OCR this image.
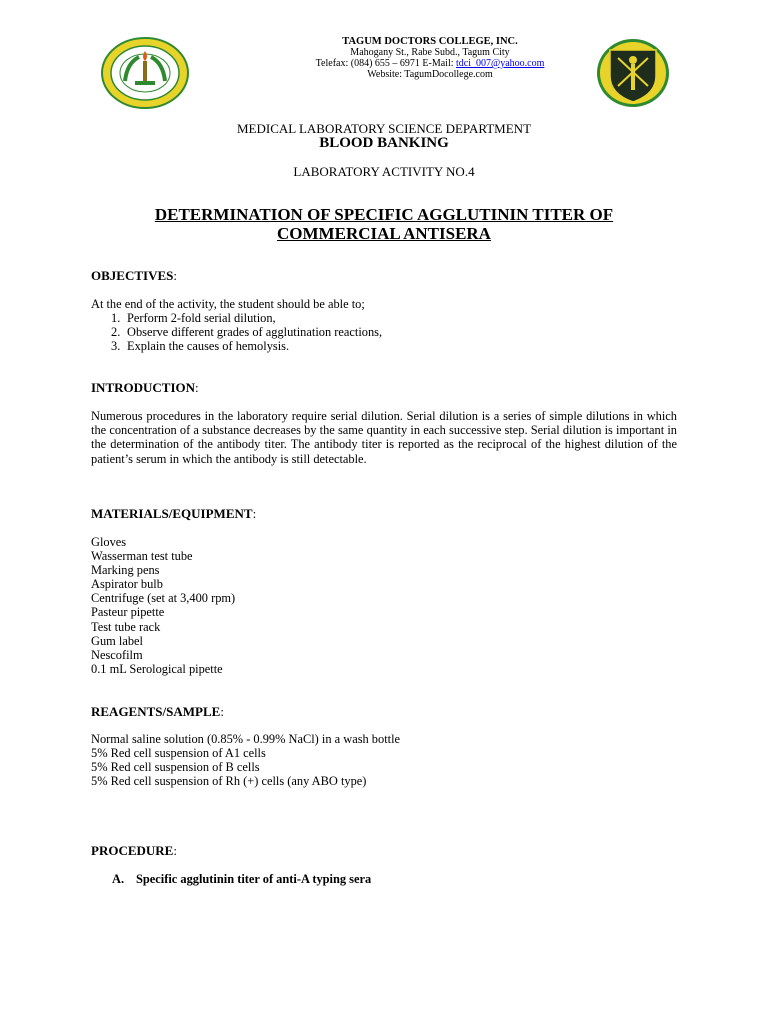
TAGUM DOCTORS COLLEGE, INC.
Mahogany St., Rabe Subd., Tagum City
Telefax: (084) 655 – 6971 E-Mail: tdci_007@yahoo.com
Website: TagumDocollege.com
MEDICAL LABORATORY SCIENCE DEPARTMENT
BLOOD BANKING
LABORATORY ACTIVITY NO.4
DETERMINATION OF SPECIFIC AGGLUTININ TITER OF
COMMERCIAL ANTISERA
OBJECTIVES:
At the end of the activity, the student should be able to;
1. Perform 2-fold serial dilution,
2. Observe different grades of agglutination reactions,
3. Explain the causes of hemolysis.
INTRODUCTION:
Numerous procedures in the laboratory require serial dilution. Serial dilution is a series of simple dilutions in which the concentration of a substance decreases by the same quantity in each successive step. Serial dilution is important in the determination of the antibody titer. The antibody titer is reported as the reciprocal of the highest dilution of the patient’s serum in which the antibody is still detectable.
MATERIALS/EQUIPMENT:
Gloves
Wasserman test tube
Marking pens
Aspirator bulb
Centrifuge (set at 3,400 rpm)
Pasteur pipette
Test tube rack
Gum label
Nescofilm
0.1 mL Serological pipette
REAGENTS/SAMPLE:
Normal saline solution (0.85% - 0.99% NaCl) in a wash bottle
5% Red cell suspension of A1 cells
5% Red cell suspension of B cells
5% Red cell suspension of Rh (+) cells (any ABO type)
PROCEDURE:
A. Specific agglutinin titer of anti-A typing sera
